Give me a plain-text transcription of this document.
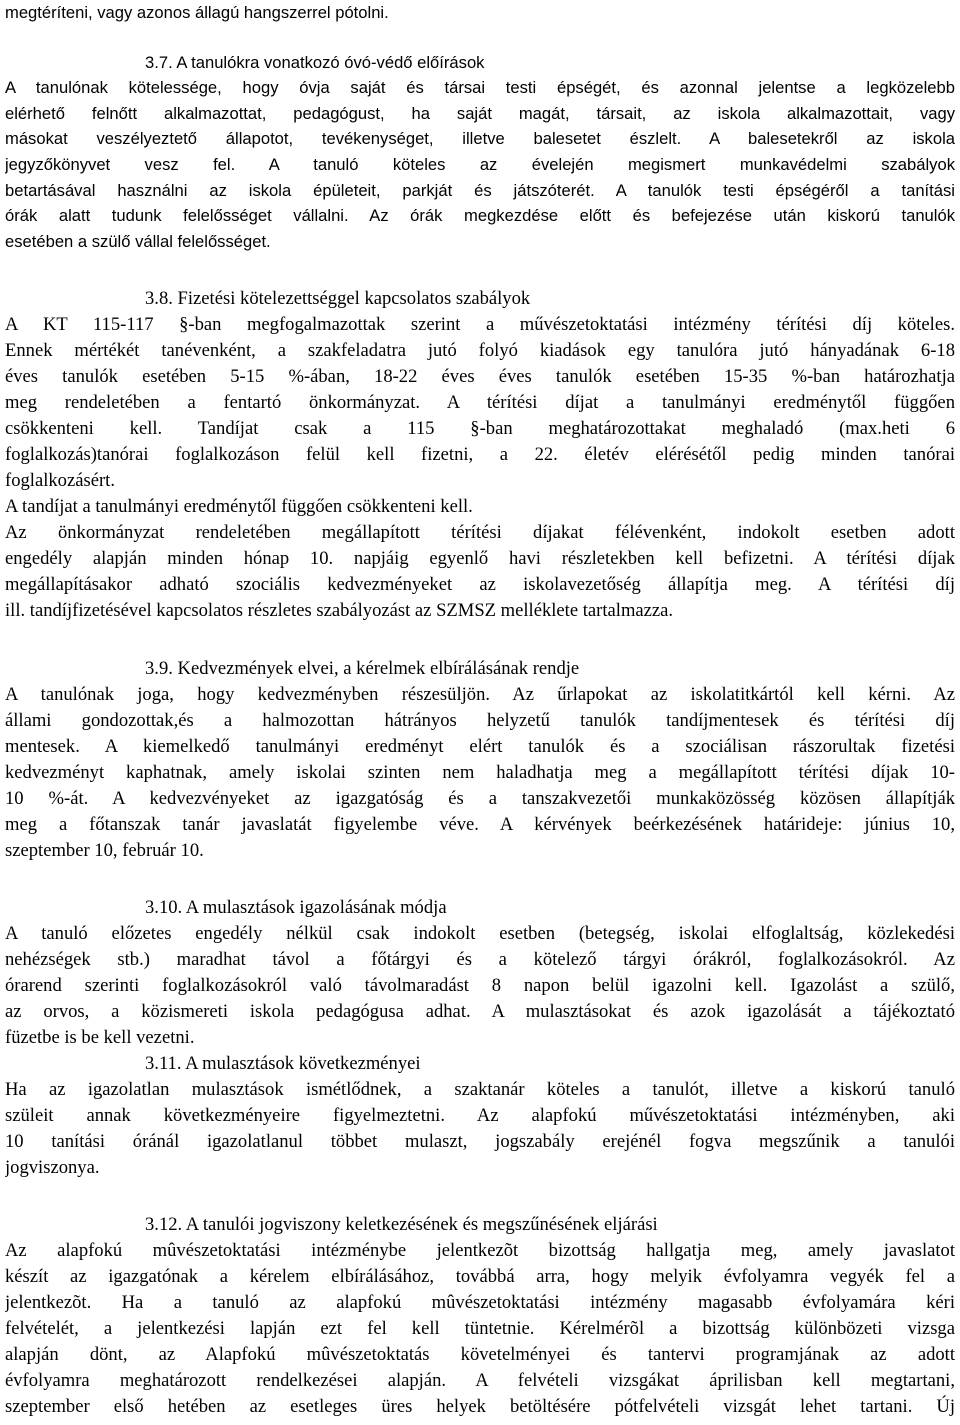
megtéríteni, vagy azonos állagú hangszerrel pótolni.
3.7. A tanulókra vonatkozó óvó-védő előírások
A tanulónak kötelessége, hogy óvja saját és társai testi épségét, és azonnal jelentse a legközelebb
elérhető felnőtt alkalmazottat, pedagógust, ha saját magát, társait, az iskola alkalmazottait, vagy
másokat veszélyeztető állapotot, tevékenységet, illetve balesetet észlelt. A balesetekről az iskola
jegyzőkönyvet vesz fel. A tanuló köteles az évelején megismert munkavédelmi szabályok
betartásával használni az iskola épületeit, parkját és játszóterét. A tanulók testi épségéről a tanítási
órák alatt tudunk felelősséget vállalni. Az órák megkezdése előtt és befejezése után kiskorú tanulók
esetében a szülő vállal felelősséget.
3.8. Fizetési kötelezettséggel kapcsolatos szabályok
A KT 115-117 §-ban megfogalmazottak szerint a művészetoktatási intézmény térítési díj köteles.
Ennek mértékét tanévenként, a szakfeladatra jutó folyó kiadások egy tanulóra jutó hányadának 6-18
éves tanulók esetében 5-15 %-ában, 18-22 éves éves tanulók esetében 15-35 %-ban határozhatja
meg rendeletében a fentartó önkormányzat. A térítési díjat a tanulmányi eredménytől függően
csökkenteni kell. Tandíjat csak a 115 §-ban meghatározottakat meghaladó (max.heti 6
foglalkozás)tanórai foglalkozáson felül kell fizetni, a 22. életév elérésétől pedig minden tanórai
foglalkozásért.
A tandíjat a tanulmányi eredménytől függően csökkenteni kell.
Az önkormányzat rendeletében megállapított térítési díjakat félévenként, indokolt esetben adott
engedély alapján minden hónap 10. napjáig egyenlő havi részletekben kell befizetni. A térítési díjak
megállapításakor adható szociális kedvezményeket az iskolavezetőség állapítja meg. A térítési díj
ill. tandíjfizetésével kapcsolatos részletes szabályozást az SZMSZ melléklete tartalmazza.
3.9. Kedvezmények elvei, a kérelmek elbírálásának rendje
A tanulónak joga, hogy kedvezményben részesüljön. Az űrlapokat az iskolatitkártól kell kérni. Az
állami gondozottak,és a halmozottan hátrányos helyzetű tanulók tandíjmentesek és térítési díj
mentesek. A kiemelkedő tanulmányi eredményt elért tanulók és a szociálisan rászorultak fizetési
kedvezményt kaphatnak, amely iskolai szinten nem haladhatja meg a megállapított térítési díjak 10-
10 %-át. A kedvezvényeket az igazgatóság és a tanszakvezetői munkaközösség közösen állapítják
meg a főtanszak tanár javaslatát figyelembe véve. A kérvények beérkezésének határideje: június 10,
szeptember 10, február 10.
3.10. A mulasztások igazolásának módja
A tanuló előzetes engedély nélkül csak indokolt esetben (betegség, iskolai elfoglaltság, közlekedési
nehézségek stb.) maradhat távol a főtárgyi és a kötelező tárgyi órákról, foglalkozásokról. Az
órarend szerinti foglalkozásokról való távolmaradást 8 napon belül igazolni kell. Igazolást a szülő,
az orvos, a közismereti iskola pedagógusa adhat. A mulasztásokat és azok igazolását a tájékoztató
füzetbe is be kell vezetni.
3.11. A mulasztások következményei
Ha az igazolatlan mulasztások ismétlődnek, a szaktanár köteles a tanulót, illetve a kiskorú tanuló
szüleit annak következményeire figyelmeztetni. Az alapfokú művészetoktatási intézményben, aki
10 tanítási óránál igazolatlanul többet mulaszt, jogszabály erejénél fogva megszűnik a tanulói
jogviszonya.
3.12. A tanulói jogviszony keletkezésének és megszűnésének eljárási
Az alapfokú mûvészetoktatási intézménybe jelentkezõt bizottság hallgatja meg, amely javaslatot
készít az igazgatónak a kérelem elbírálásához, továbbá arra, hogy melyik évfolyamra vegyék fel a
jelentkezõt. Ha a tanuló az alapfokú mûvészetoktatási intézmény magasabb évfolyamára kéri
felvételét, a jelentkezési lapján ezt fel kell tüntetnie. Kérelmérõl a bizottság különbözeti vizsga
alapján dönt, az Alapfokú mûvészetoktatás követelményei és tantervi programjának az adott
évfolyamra meghatározott rendelkezései alapján. A felvételi vizsgákat áprilisban kell megtartani,
szeptember első hetében az esetleges üres helyek betöltésére pótfelvételi vizsgát lehet tartani. Új
